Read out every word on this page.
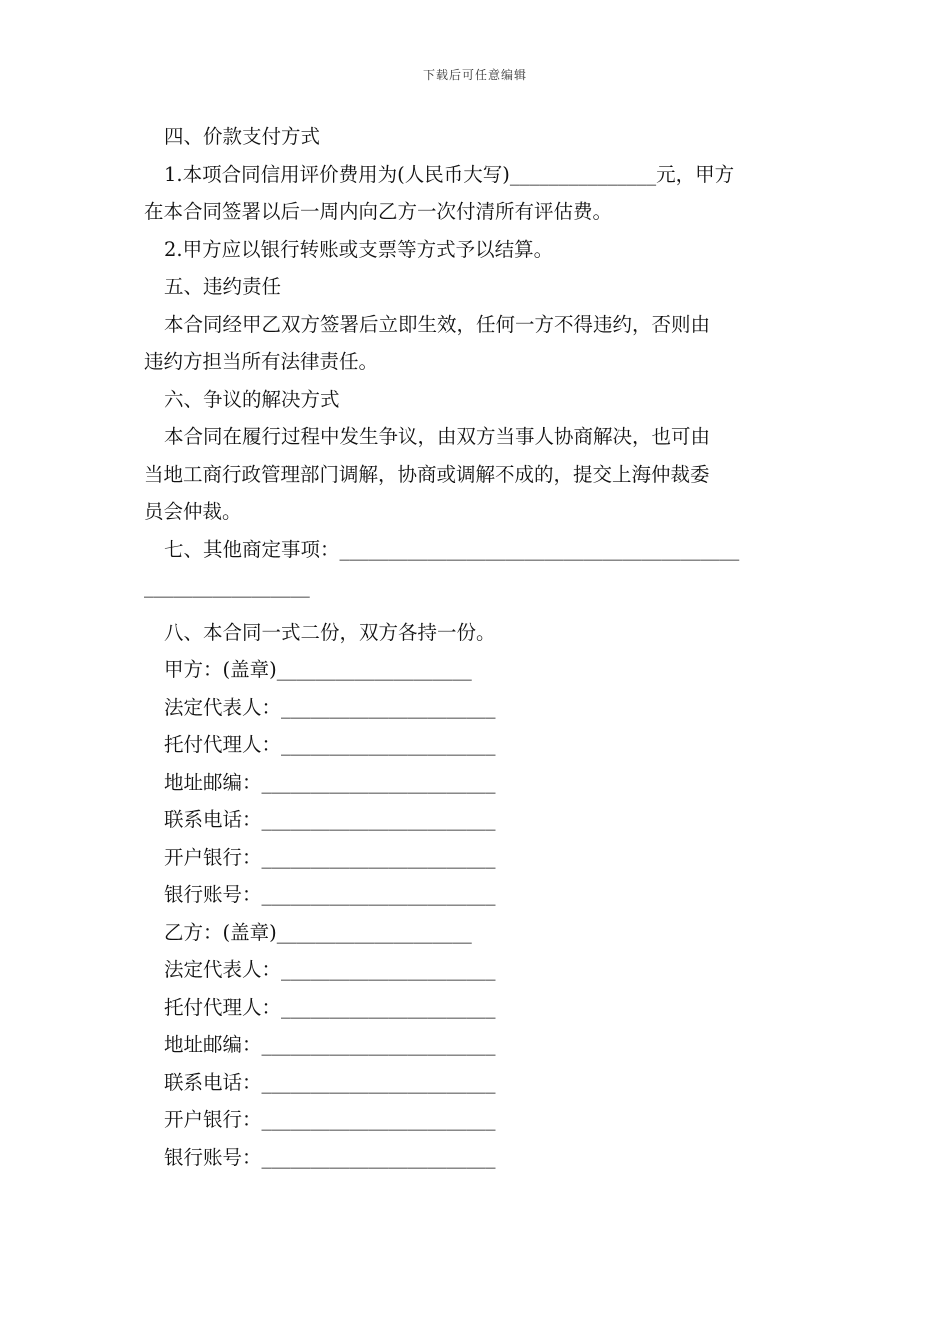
下载后可任意编辑
四、价款支付方式
1.本项合同信用评价费用为(人民币大写)_______________元，甲方
在本合同签署以后一周内向乙方一次付清所有评估费。
2.甲方应以银行转账或支票等方式予以结算。
五、违约责任
本合同经甲乙双方签署后立即生效，任何一方不得违约，否则由
违约方担当所有法律责任。
六、争议的解决方式
本合同在履行过程中发生争议，由双方当事人协商解决，也可由
当地工商行政管理部门调解，协商或调解不成的，提交上海仲裁委
员会仲裁。
七、其他商定事项：_________________________________________
_________________
八、本合同一式二份，双方各持一份。
甲方：(盖章)____________________
法定代表人：______________________
托付代理人：______________________
地址邮编：________________________
联系电话：________________________
开户银行：________________________
银行账号：________________________
乙方：(盖章)____________________
法定代表人：______________________
托付代理人：______________________
地址邮编：________________________
联系电话：________________________
开户银行：________________________
银行账号：________________________
